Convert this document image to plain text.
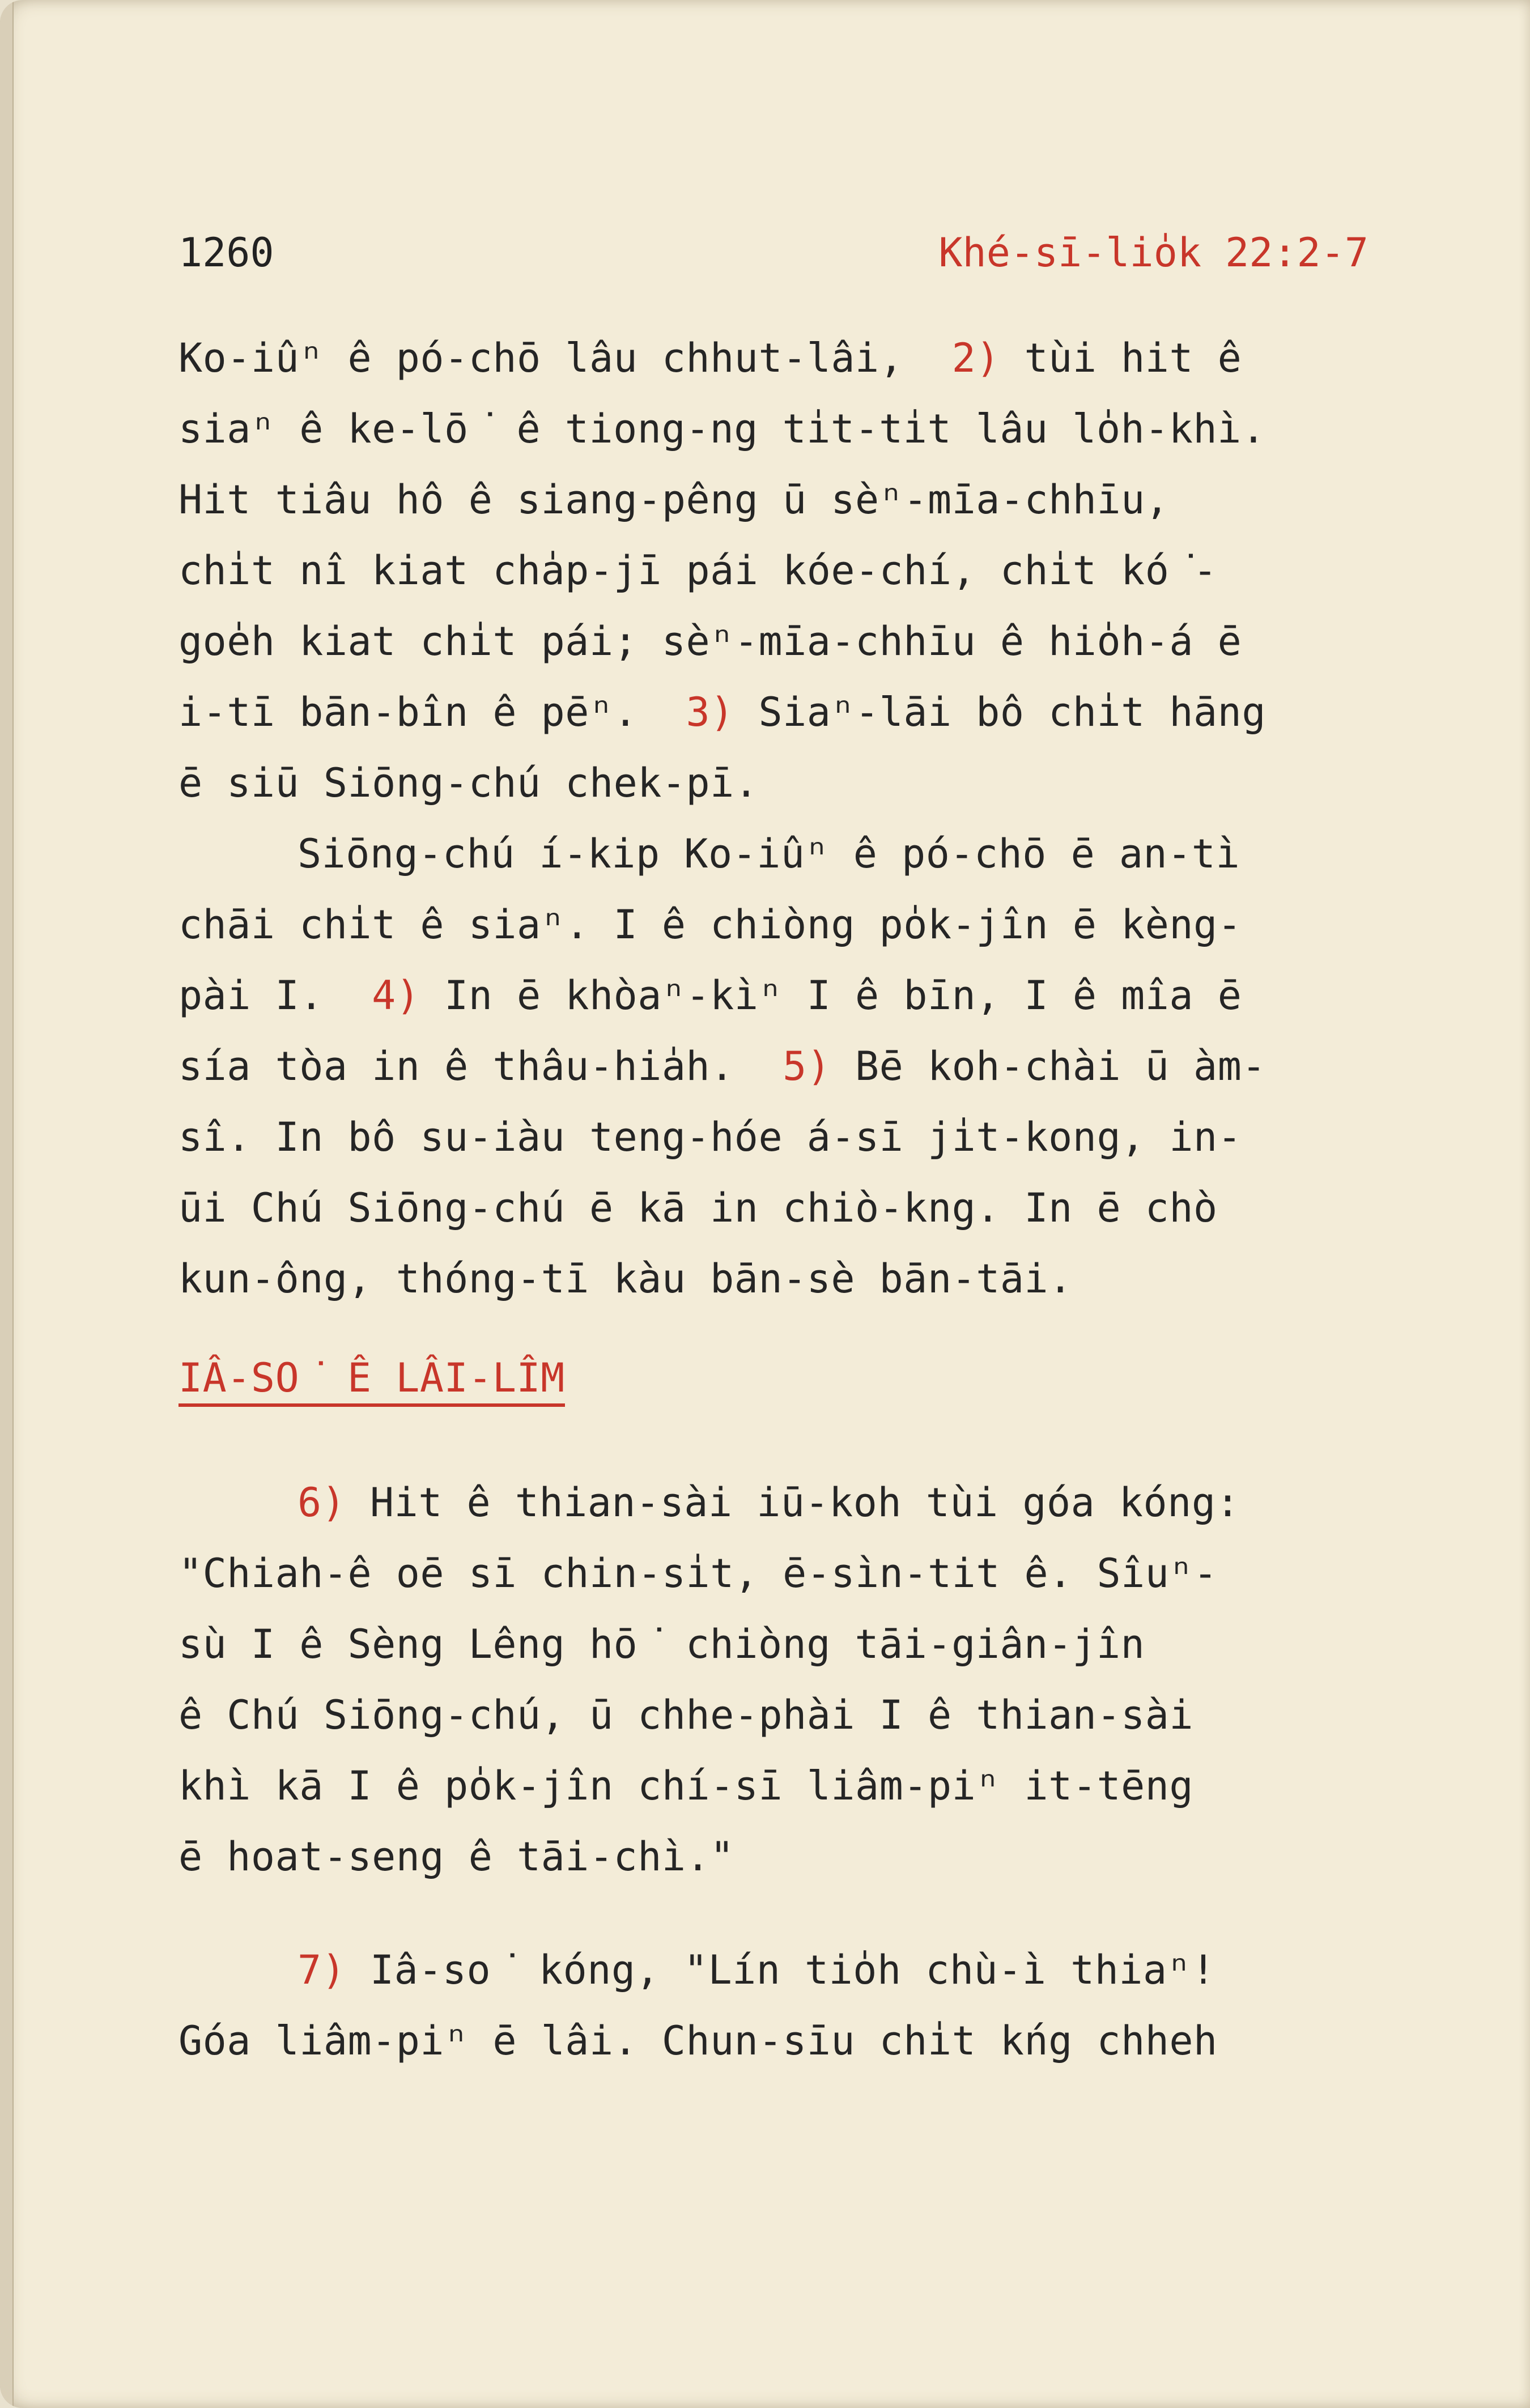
1260	Khé-sī-lio̍k 22:2-7
Ko-iûⁿ ê pó-chō lâu chhut-lâi,  2) tùi hit ê
siaⁿ ê ke-lō͘ ê tiong-ng ti̍t-ti̍t lâu lo̍h-khì.
Hit tiâu hô ê siang-pêng ū sèⁿ-mīa-chhīu,
chi̍t nî kiat cha̍p-jī pái kóe-chí, chi̍t kó͘-
goe̍h kiat chi̍t pái; sèⁿ-mīa-chhīu ê hio̍h-á ē
i-tī bān-bîn ê pēⁿ.  3) Siaⁿ-lāi bô chi̍t hāng
ē siū Siōng-chú chek-pī.
Siōng-chú í-kip Ko-iûⁿ ê pó-chō ē an-tì
chāi chi̍t ê siaⁿ. I ê chiòng po̍k-jîn ē kèng-
pài I.  4) In ē khòaⁿ-kìⁿ I ê bīn, I ê mîa ē
sía tòa in ê thâu-hia̍h.  5) Bē koh-chài ū àm-
sî. In bô su-iàu teng-hóe á-sī ji̍t-kong, in-
ūi Chú Siōng-chú ē kā in chiò-kng. In ē chò
kun-ông, thóng-tī kàu bān-sè bān-tāi.
IÂ-SO͘ Ê LÂI-LÎM
6) Hit ê thian-sài iū-koh tùi góa kóng:
"Chiah-ê oē sī chin-si̍t, ē-sìn-tit ê. Sîuⁿ-
sù I ê Sèng Lêng hō͘ chiòng tāi-giân-jîn
ê Chú Siōng-chú, ū chhe-phài I ê thian-sài
khì kā I ê po̍k-jîn chí-sī liâm-piⁿ it-tēng
ē hoat-seng ê tāi-chì."
7) Iâ-so͘ kóng, "Lín tio̍h chù-ì thiaⁿ!
Góa liâm-piⁿ ē lâi. Chun-sīu chi̍t kńg chheh
